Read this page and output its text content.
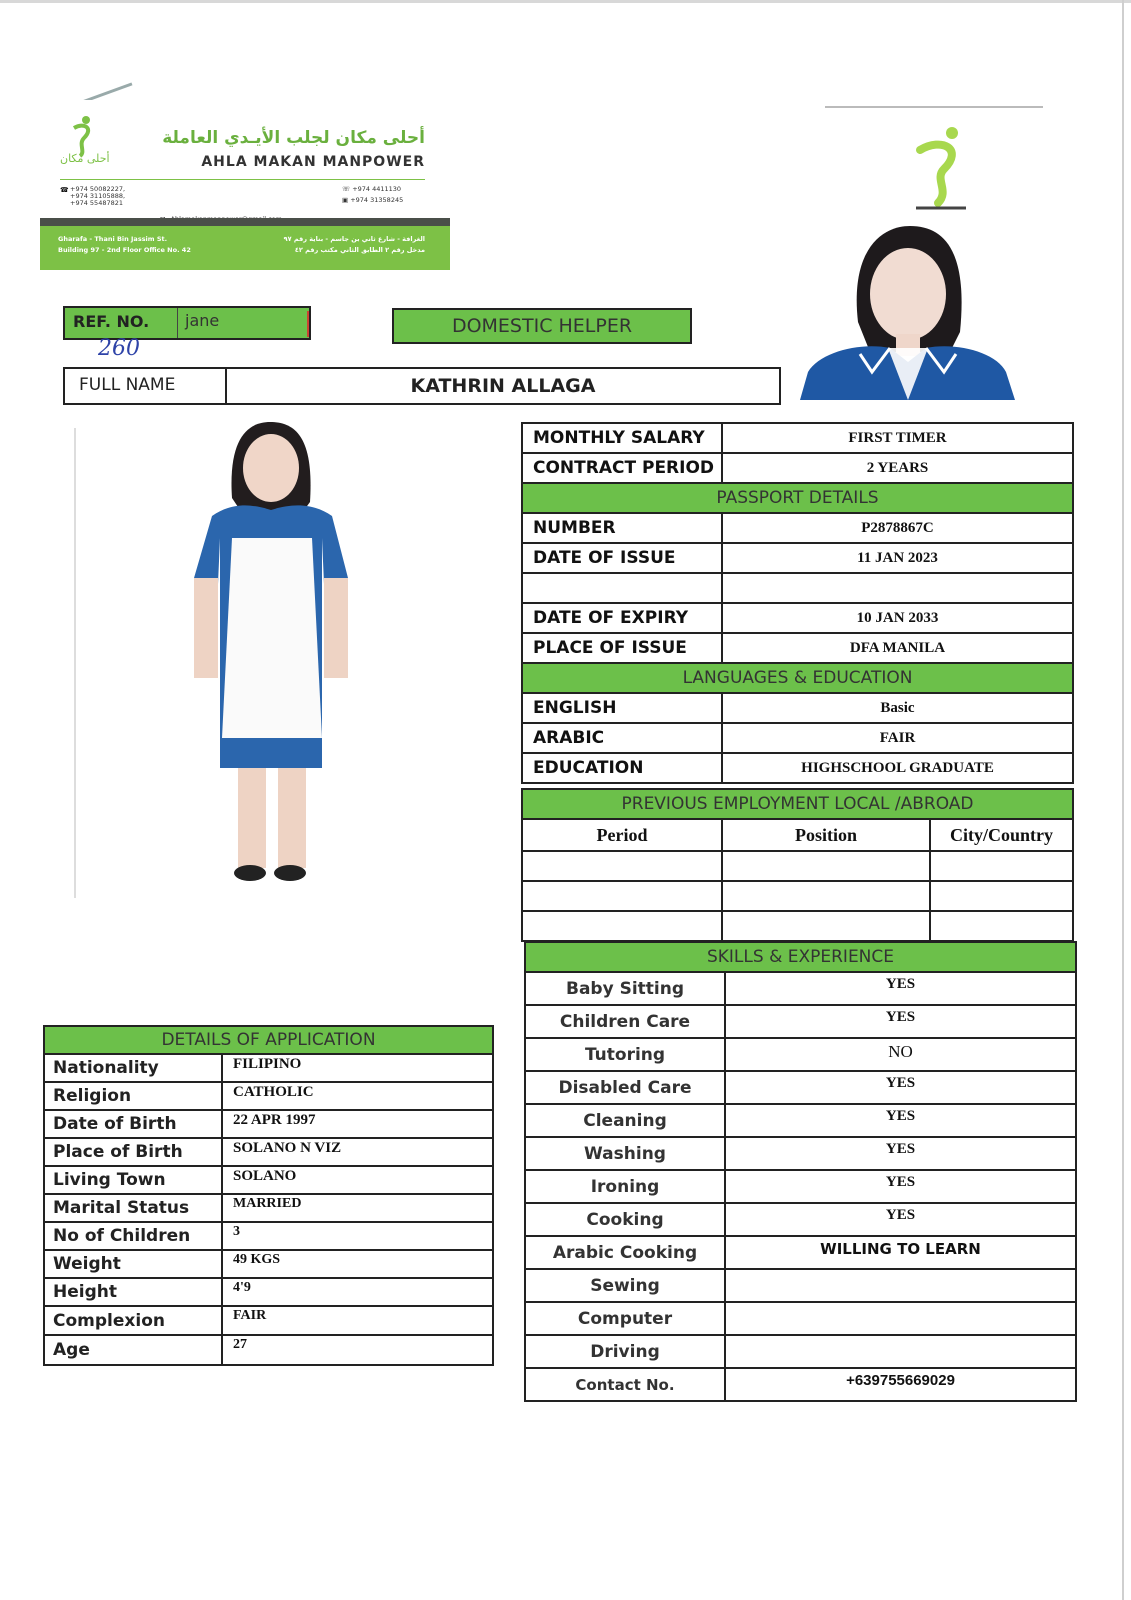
أحلى مكان
أحلى مكان لجلب الأيـدي العاملة
AHLA MAKAN MANPOWER
☎ +974 50082227,
+974 31105888,
+974 55487821
☏ +974 4411130
▣ +974 31358245
Gharafa - Thani Bin Jassim St.
Building 97 - 2nd Floor Office No. 42
الغرافة - شارع ثاني بن جاسم - بناية رقم ٩٧
مدخل رقم ٢ الطابق الثاني مكتب رقم ٤٢
REF. NO. jane
260
DOMESTIC HELPER
FULL NAME	KATHRIN ALLAGA
MONTHLY SALARY	FIRST TIMER
CONTRACT PERIOD	2 YEARS
PASSPORT DETAILS	
NUMBER	P2878867C
DATE OF ISSUE	11 JAN 2023

DATE OF EXPIRY	10 JAN 2033
PLACE OF ISSUE	DFA MANILA
LANGUAGES & EDUCATION	
ENGLISH	Basic
ARABIC	FAIR
EDUCATION	HIGHSCHOOL GRADUATE
PREVIOUS EMPLOYMENT LOCAL /ABROAD		
Period	Position	City/Country

SKILLS & EXPERIENCE	
Baby Sitting	YES
Children Care	YES
Tutoring	NO
Disabled Care	YES
Cleaning	YES
Washing	YES
Ironing	YES
Cooking	YES
Arabic Cooking	WILLING TO LEARN
Sewing	
Computer	
Driving	
Contact No.	+639755669029
DETAILS OF APPLICATION	
Nationality	FILIPINO
Religion	CATHOLIC
Date of Birth	22 APR 1997
Place of Birth	SOLANO N VIZ
Living Town	SOLANO
Marital Status	MARRIED
No of Children	3
Weight	49 KGS
Height	4'9
Complexion	FAIR
Age	27
